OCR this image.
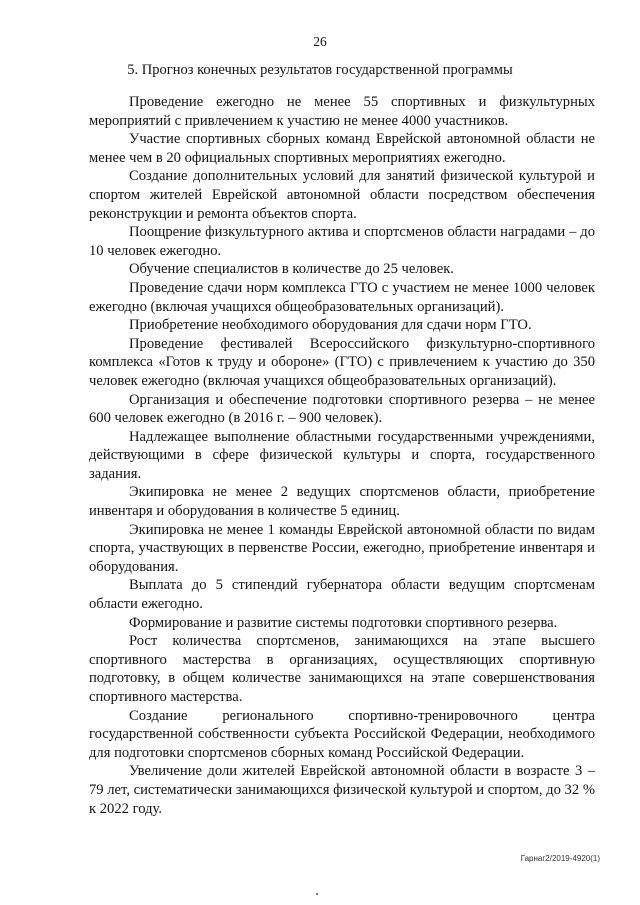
26
5. Прогноз конечных результатов государственной программы

Проведение ежегодно не менее 55 спортивных и физкультурных мероприятий с привлечением к участию не менее 4000 участников.

Участие спортивных сборных команд Еврейской автономной области не менее чем в 20 официальных спортивных мероприятиях ежегодно.

Создание дополнительных условий для занятий физической культурой и спортом жителей Еврейской автономной области посредством обеспечения реконструкции и ремонта объектов спорта.

Поощрение физкультурного актива и спортсменов области наградами – до 10 человек ежегодно.

Обучение специалистов в количестве до 25 человек.

Проведение сдачи норм комплекса ГТО с участием не менее 1000 человек ежегодно (включая учащихся общеобразовательных организаций).

Приобретение необходимого оборудования для сдачи норм ГТО.

Проведение фестивалей Всероссийского физкультурно-спортивного комплекса «Готов к труду и обороне» (ГТО) с привлечением к участию до 350 человек ежегодно (включая учащихся общеобразовательных организаций).

Организация и обеспечение подготовки спортивного резерва – не менее 600 человек ежегодно (в 2016 г. – 900 человек).

Надлежащее выполнение областными государственными учреждениями, действующими в сфере физической культуры и спорта, государственного задания.

Экипировка не менее 2 ведущих спортсменов области, приобретение инвентаря и оборудования в количестве 5 единиц.

Экипировка не менее 1 команды Еврейской автономной области по видам спорта, участвующих в первенстве России, ежегодно, приобретение инвентаря и оборудования.

Выплата до 5 стипендий губернатора области ведущим спортсменам области ежегодно.

Формирование и развитие системы подготовки спортивного резерва.

Рост количества спортсменов, занимающихся на этапе высшего спортивного мастерства в организациях, осуществляющих спортивную подготовку, в общем количестве занимающихся на этапе совершенствования спортивного мастерства.

Создание регионального спортивно-тренировочного центра государственной собственности субъекта Российской Федерации, необходимого для подготовки спортсменов сборных команд Российской Федерации.

Увеличение доли жителей Еврейской автономной области в возрасте 3 – 79 лет, систематически занимающихся физической культурой и спортом, до 32 % к 2022 году.

Гарнаг2/2019-4920(1)
